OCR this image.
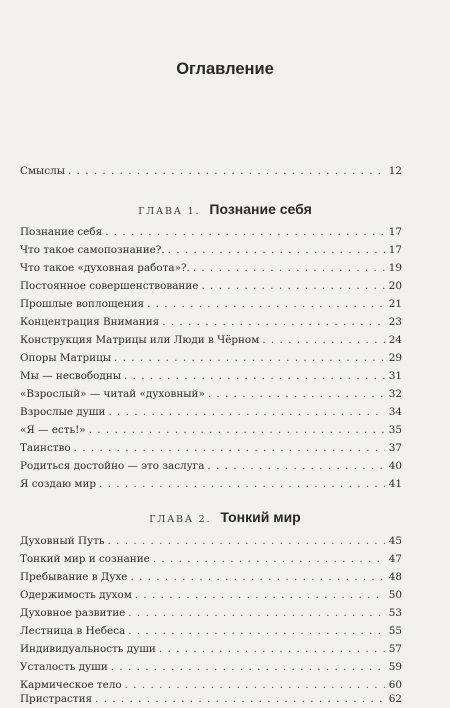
Оглавление
Смыслы . . .	12
ГЛАВА 1. Познание себя
Познание себя . . .	17
Что такое самопознание?. . . .	17
Что такое «духовная работа»?. . . .	19
Постоянное совершенствование . . .	20
Прошлые воплощения . . .	21
Концентрация Внимания . . .	23
Конструкция Матрицы или Люди в Чёрном . . .	24
Опоры Матрицы . . .	29
Мы — несвободны . . .	31
«Взрослый» — читай «духовный» . . .	32
Взрослые души . . .	34
«Я — есть!» . . .	35
Таинство . . .	37
Родиться достойно — это заслуга . . .	40
Я создаю мир . . .	41
ГЛАВА 2. Тонкий мир
Духовный Путь . . .	45
Тонкий мир и сознание . . .	47
Пребывание в Духе . . .	48
Одержимость духом . . .	50
Духовное развитие . . .	53
Лестница в Небеса . . .	55
Индивидуальность души . . .	57
Усталость души . . .	59
Кармическое тело . . .	60
Пристрастия . . .	62
